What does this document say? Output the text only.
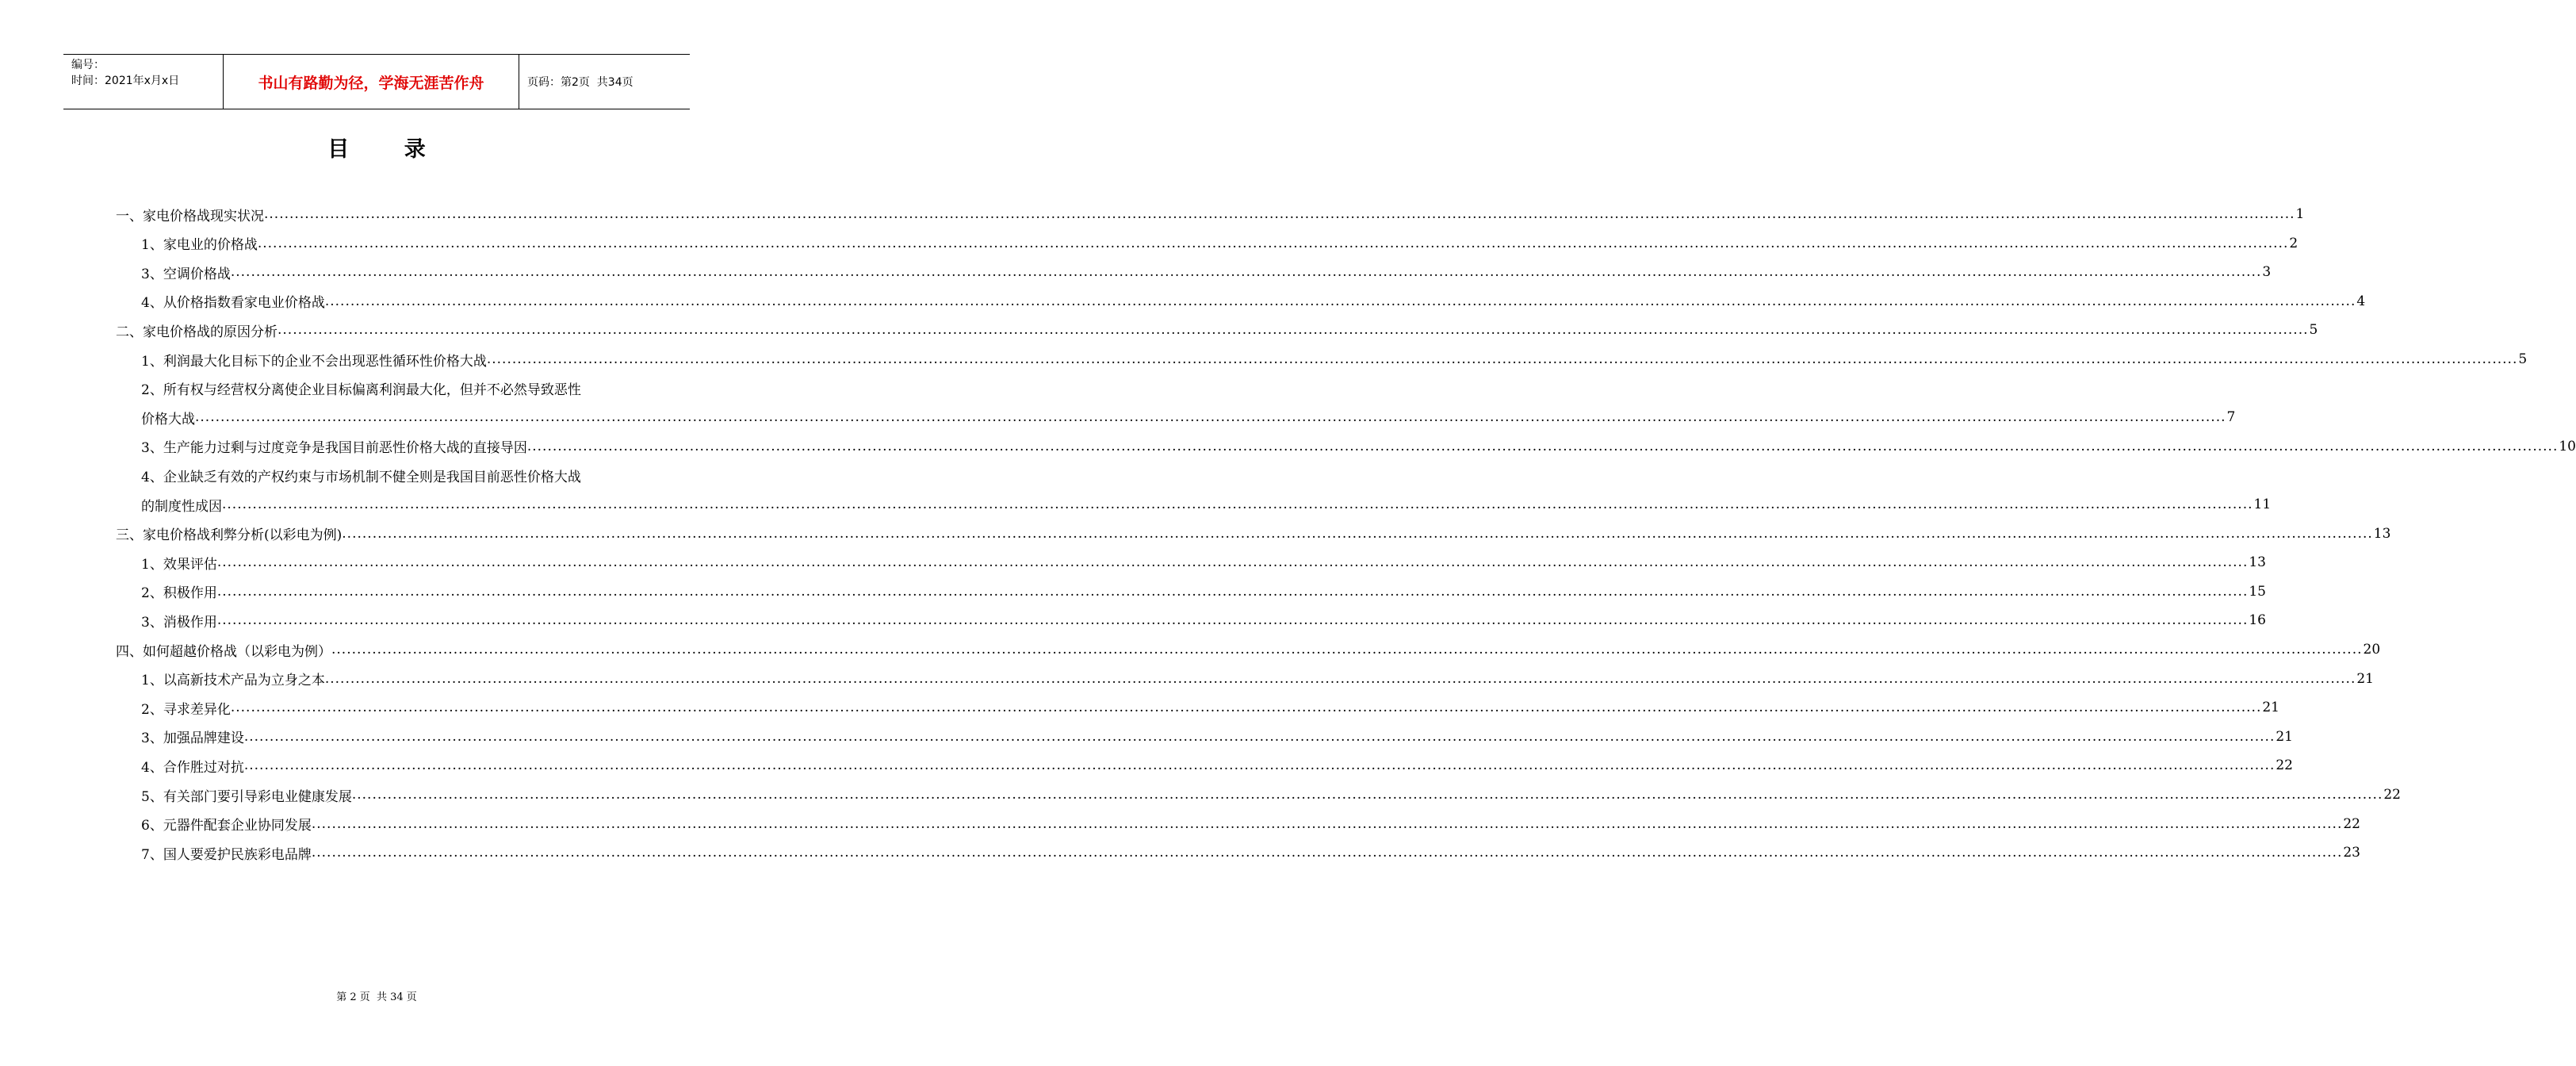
编号：
时间：2021年x月x日	书山有路勤为径，学海无涯苦作舟	页码：第2页  共34页
目 录
一、家电价格战现实状况 ................................................................................................................................................................................................................................................................................................................................................................................................................ 1
1、家电业的价格战 ................................................................................................................................................................................................................................................................................................................................................................................................................ 2
3、空调价格战 ................................................................................................................................................................................................................................................................................................................................................................................................................ 3
4、从价格指数看家电业价格战 ................................................................................................................................................................................................................................................................................................................................................................................................................ 4
二、家电价格战的原因分析 ................................................................................................................................................................................................................................................................................................................................................................................................................ 5
1、利润最大化目标下的企业不会出现恶性循环性价格大战 ................................................................................................................................................................................................................................................................................................................................................................................................................ 5
2、所有权与经营权分离使企业目标偏离利润最大化，但并不必然导致恶性
价格大战 ................................................................................................................................................................................................................................................................................................................................................................................................................ 7
3、生产能力过剩与过度竞争是我国目前恶性价格大战的直接导因 ................................................................................................................................................................................................................................................................................................................................................................................................................ 10
4、企业缺乏有效的产权约束与市场机制不健全则是我国目前恶性价格大战
的制度性成因 ................................................................................................................................................................................................................................................................................................................................................................................................................ 11
三、家电价格战利弊分析(以彩电为例) ................................................................................................................................................................................................................................................................................................................................................................................................................ 13
1、效果评估 ................................................................................................................................................................................................................................................................................................................................................................................................................ 13
2、积极作用 ................................................................................................................................................................................................................................................................................................................................................................................................................ 15
3、消极作用 ................................................................................................................................................................................................................................................................................................................................................................................................................ 16
四、如何超越价格战（以彩电为例） ................................................................................................................................................................................................................................................................................................................................................................................................................ 20
1、以高新技术产品为立身之本 ................................................................................................................................................................................................................................................................................................................................................................................................................ 21
2、寻求差异化 ................................................................................................................................................................................................................................................................................................................................................................................................................ 21
3、加强品牌建设 ................................................................................................................................................................................................................................................................................................................................................................................................................ 21
4、合作胜过对抗 ................................................................................................................................................................................................................................................................................................................................................................................................................ 22
5、有关部门要引导彩电业健康发展 ................................................................................................................................................................................................................................................................................................................................................................................................................ 22
6、元器件配套企业协同发展 ................................................................................................................................................................................................................................................................................................................................................................................................................ 22
7、国人要爱护民族彩电品牌 ................................................................................................................................................................................................................................................................................................................................................................................................................ 23
第 2 页  共 34 页
